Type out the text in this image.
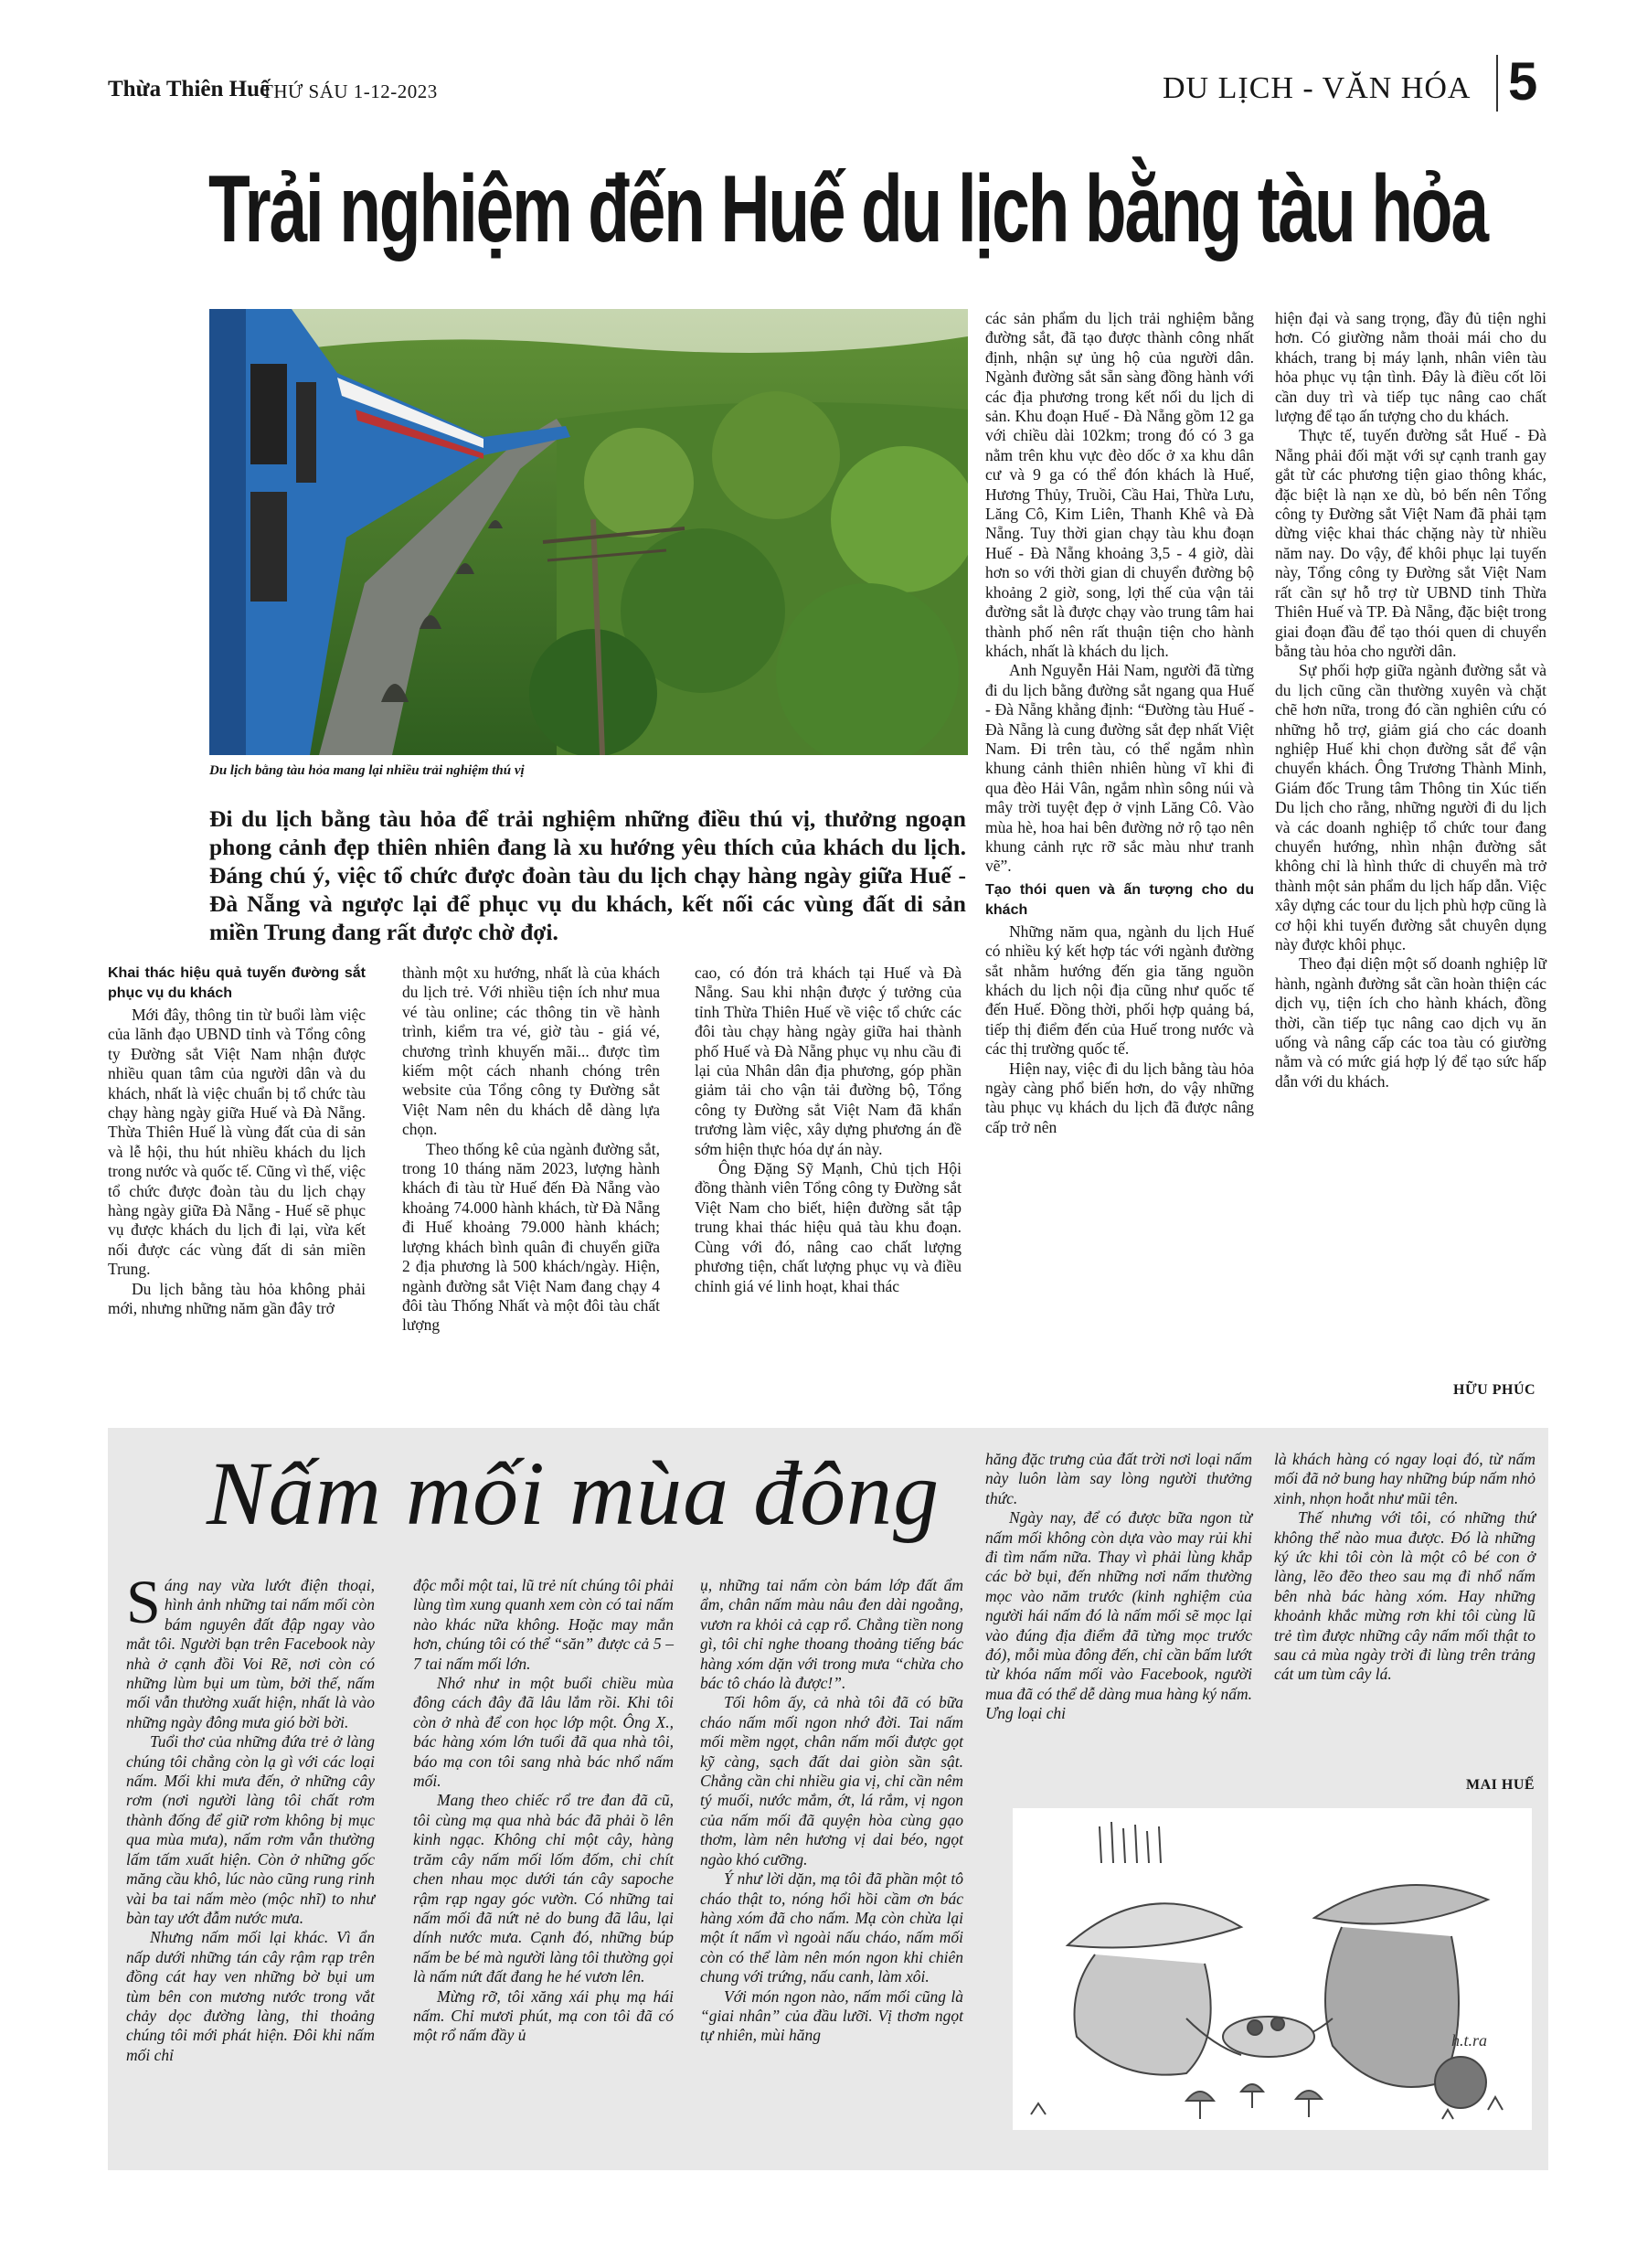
Thừa Thiên Huế
THỨ SÁU 1-12-2023	DU LỊCH - VĂN HÓA 5
Trải nghiệm đến Huế du lịch bằng tàu hỏa
Du lịch bằng tàu hỏa mang lại nhiều trải nghiệm thú vị
Đi du lịch bằng tàu hỏa để trải nghiệm những điều thú vị, thưởng ngoạn phong cảnh đẹp thiên nhiên đang là xu hướng yêu thích của khách du lịch. Đáng chú ý, việc tổ chức được đoàn tàu du lịch chạy hàng ngày giữa Huế - Đà Nẵng và ngược lại để phục vụ du khách, kết nối các vùng đất di sản miền Trung đang rất được chờ đợi.
Khai thác hiệu quả tuyến đường sắt phục vụ du khách

Mới đây, thông tin từ buổi làm việc của lãnh đạo UBND tỉnh và Tổng công ty Đường sắt Việt Nam nhận được nhiều quan tâm của người dân và du khách, nhất là việc chuẩn bị tổ chức tàu chạy hàng ngày giữa Huế và Đà Nẵng. Thừa Thiên Huế là vùng đất của di sản và lễ hội, thu hút nhiều khách du lịch trong nước và quốc tế. Cũng vì thế, việc tổ chức được đoàn tàu du lịch chạy hàng ngày giữa Đà Nẵng - Huế sẽ phục vụ được khách du lịch đi lại, vừa kết nối được các vùng đất di sản miền Trung.

Du lịch bằng tàu hỏa không phải mới, nhưng những năm gần đây trở

thành một xu hướng, nhất là của khách du lịch trẻ. Với nhiều tiện ích như mua vé tàu online; các thông tin về hành trình, kiểm tra vé, giờ tàu - giá vé, chương trình khuyến mãi... được tìm kiếm một cách nhanh chóng trên website của Tổng công ty Đường sắt Việt Nam nên du khách dễ dàng lựa chọn.

Theo thống kê của ngành đường sắt, trong 10 tháng năm 2023, lượng hành khách đi tàu từ Huế đến Đà Nẵng vào khoảng 74.000 hành khách, từ Đà Nẵng đi Huế khoảng 79.000 hành khách; lượng khách bình quân đi chuyển giữa 2 địa phương là 500 khách/ngày. Hiện, ngành đường sắt Việt Nam đang chạy 4 đôi tàu Thống Nhất và một đôi tàu chất lượng

cao, có đón trả khách tại Huế và Đà Nẵng. Sau khi nhận được ý tưởng của tỉnh Thừa Thiên Huế về việc tổ chức các đôi tàu chạy hàng ngày giữa hai thành phố Huế và Đà Nẵng phục vụ nhu cầu đi lại của Nhân dân địa phương, góp phần giảm tải cho vận tải đường bộ, Tổng công ty Đường sắt Việt Nam đã khẩn trương làm việc, xây dựng phương án đề sớm hiện thực hóa dự án này.

Ông Đặng Sỹ Mạnh, Chủ tịch Hội đồng thành viên Tổng công ty Đường sắt Việt Nam cho biết, hiện đường sắt tập trung khai thác hiệu quả tàu khu đoạn. Cùng với đó, nâng cao chất lượng phương tiện, chất lượng phục vụ và điều chỉnh giá vé linh hoạt, khai thác

các sản phẩm du lịch trải nghiệm bằng đường sắt, đã tạo được thành công nhất định, nhận sự ủng hộ của người dân. Ngành đường sắt sẵn sàng đồng hành với các địa phương trong kết nối du lịch di sản. Khu đoạn Huế - Đà Nẵng gồm 12 ga với chiều dài 102km; trong đó có 3 ga nằm trên khu vực đèo dốc ở xa khu dân cư và 9 ga có thể đón khách là Huế, Hương Thủy, Truồi, Cầu Hai, Thừa Lưu, Lăng Cô, Kim Liên, Thanh Khê và Đà Nẵng. Tuy thời gian chạy tàu khu đoạn Huế - Đà Nẵng khoảng 3,5 - 4 giờ, dài hơn so với thời gian di chuyển đường bộ khoảng 2 giờ, song, lợi thế của vận tải đường sắt là được chạy vào trung tâm hai thành phố nên rất thuận tiện cho hành khách, nhất là khách du lịch.

Anh Nguyễn Hải Nam, người đã từng đi du lịch bằng đường sắt ngang qua Huế - Đà Nẵng khẳng định: “Đường tàu Huế - Đà Nẵng là cung đường sắt đẹp nhất Việt Nam. Đi trên tàu, có thể ngắm nhìn khung cảnh thiên nhiên hùng vĩ khi đi qua đèo Hải Vân, ngắm nhìn sông núi và mây trời tuyệt đẹp ở vịnh Lăng Cô. Vào mùa hè, hoa hai bên đường nở rộ tạo nên khung cảnh rực rỡ sắc màu như tranh vẽ”.

Tạo thói quen và ấn tượng cho du khách

Những năm qua, ngành du lịch Huế có nhiều ký kết hợp tác với ngành đường sắt nhằm hướng đến gia tăng nguồn khách du lịch nội địa cũng như quốc tế đến Huế. Đồng thời, phối hợp quảng bá, tiếp thị điểm đến của Huế trong nước và các thị trường quốc tế.

Hiện nay, việc đi du lịch bằng tàu hỏa ngày càng phổ biến hơn, do vậy những tàu phục vụ khách du lịch đã được nâng cấp trở nên

hiện đại và sang trọng, đầy đủ tiện nghi hơn. Có giường nằm thoải mái cho du khách, trang bị máy lạnh, nhân viên tàu hỏa phục vụ tận tình. Đây là điều cốt lõi cần duy trì và tiếp tục nâng cao chất lượng để tạo ấn tượng cho du khách.

Thực tế, tuyến đường sắt Huế - Đà Nẵng phải đối mặt với sự cạnh tranh gay gắt từ các phương tiện giao thông khác, đặc biệt là nạn xe dù, bỏ bến nên Tổng công ty Đường sắt Việt Nam đã phải tạm dừng việc khai thác chặng này từ nhiều năm nay. Do vậy, để khôi phục lại tuyến này, Tổng công ty Đường sắt Việt Nam rất cần sự hỗ trợ từ UBND tỉnh Thừa Thiên Huế và TP. Đà Nẵng, đặc biệt trong giai đoạn đầu để tạo thói quen di chuyển bằng tàu hỏa cho người dân.

Sự phối hợp giữa ngành đường sắt và du lịch cũng cần thường xuyên và chặt chẽ hơn nữa, trong đó cần nghiên cứu có những hỗ trợ, giảm giá cho các doanh nghiệp Huế khi chọn đường sắt để vận chuyển khách. Ông Trương Thành Minh, Giám đốc Trung tâm Thông tin Xúc tiến Du lịch cho rằng, những người đi du lịch và các doanh nghiệp tổ chức tour đang chuyển hướng, nhìn nhận đường sắt không chỉ là hình thức di chuyển mà trở thành một sản phẩm du lịch hấp dẫn. Việc xây dựng các tour du lịch phù hợp cũng là cơ hội khi tuyến đường sắt chuyên dụng này được khôi phục.

Theo đại diện một số doanh nghiệp lữ hành, ngành đường sắt cần hoàn thiện các dịch vụ, tiện ích cho hành khách, đồng thời, cần tiếp tục nâng cao dịch vụ ăn uống và nâng cấp các toa tàu có giường nằm và có mức giá hợp lý để tạo sức hấp dẫn với du khách.

HỮU PHÚC
Nấm mối mùa đông

Sáng nay vừa lướt điện thoại, hình ảnh những tai nấm mối còn bám nguyên đất đập ngay vào mắt tôi. Người bạn trên Facebook này nhà ở cạnh đồi Voi Rẽ, nơi còn có những lùm bụi um tùm, bởi thế, nấm mối vẫn thường xuất hiện, nhất là vào những ngày đông mưa gió bời bời.

Tuổi thơ của những đứa trẻ ở làng chúng tôi chẳng còn lạ gì với các loại nấm. Mối khi mưa đến, ở những cây rơm (nơi người làng tôi chất rơm thành đống để giữ rơm không bị mục qua mùa mưa), nấm rơm vẫn thường lấm tấm xuất hiện. Còn ở những gốc măng cầu khô, lúc nào cũng rung rinh vài ba tai nấm mèo (mộc nhĩ) to như bàn tay ướt đẫm nước mưa.

Nhưng nấm mối lại khác. Vì ẩn nấp dưới những tán cây rậm rạp trên đồng cát hay ven những bờ bụi um tùm bên con mương nước trong vắt chảy dọc đường làng, thi thoảng chúng tôi mới phát hiện. Đôi khi nấm mối chỉ

độc mỗi một tai, lũ trẻ nít chúng tôi phải lùng tìm xung quanh xem còn có tai nấm nào khác nữa không. Hoặc may mắn hơn, chúng tôi có thể “săn” được cả 5 – 7 tai nấm mối lớn.

Nhớ như in một buổi chiều mùa đông cách đây đã lâu lắm rồi. Khi tôi còn ở nhà để con học lớp một. Ông X., bác hàng xóm lớn tuổi đã qua nhà tôi, báo mạ con tôi sang nhà bác nhổ nấm mối.

Mang theo chiếc rổ tre đan đã cũ, tôi cùng mạ qua nhà bác đã phải ồ lên kinh ngạc. Không chỉ một cây, hàng trăm cây nấm mối lốm đốm, chi chít chen nhau mọc dưới tán cây sapoche rậm rạp ngay góc vườn. Có những tai nấm mối đã nứt nẻ do bung đã lâu, lại dính nước mưa. Cạnh đó, những búp nấm be bé mà người làng tôi thường gọi là nấm nứt đất đang he hé vươn lên.

Mừng rỡ, tôi xăng xái phụ mạ hái nấm. Chỉ mươi phút, mạ con tôi đã có một rổ nấm đầy ủ

ụ, những tai nấm còn bám lớp đất ẩm ẩm, chân nấm màu nâu đen dài ngoằng, vươn ra khỏi cả cạp rổ. Chẳng tiền nong gì, tôi chỉ nghe thoang thoảng tiếng bác hàng xóm dặn với trong mưa “chừa cho bác tô cháo là được!”.

Tối hôm ấy, cả nhà tôi đã có bữa cháo nấm mối ngon nhớ đời. Tai nấm mối mềm ngọt, chân nấm mối được gọt kỹ càng, sạch đất dai giòn sần sật. Chẳng cần chi nhiều gia vị, chỉ cần nêm tý muối, nước mắm, ớt, lá rắm, vị ngon của nấm mối đã quyện hòa cùng gạo thơm, làm nên hương vị dai béo, ngọt ngào khó cưỡng.

Ý như lời dặn, mạ tôi đã phần một tô cháo thật to, nóng hổi hồi cầm ơn bác hàng xóm đã cho nấm. Mạ còn chừa lại một ít nấm vì ngoài nấu cháo, nấm mối còn có thể làm nên món ngon khi chiên chung với trứng, nấu canh, làm xôi.

Với món ngon nào, nấm mối cũng là “giai nhân” của đầu lưỡi. Vị thơm ngọt tự nhiên, mùi hăng

hăng đặc trưng của đất trời nơi loại nấm này luôn làm say lòng người thưởng thức.

Ngày nay, để có được bữa ngon từ nấm mối không còn dựa vào may rủi khi đi tìm nấm nữa. Thay vì phải lùng khắp các bờ bụi, đến những nơi nấm thường mọc vào năm trước (kinh nghiệm của người hái nấm đó là nấm mối sẽ mọc lại vào đúng địa điểm đã từng mọc trước đó), mỗi mùa đông đến, chỉ cần bấm lướt từ khóa nấm mối vào Facebook, người mua đã có thể dễ dàng mua hàng ký nấm. Ưng loại chi

là khách hàng có ngay loại đó, từ nấm mối đã nở bung hay những búp nấm nhỏ xinh, nhọn hoắt như mũi tên.

Thế nhưng với tôi, có những thứ không thể nào mua được. Đó là những ký ức khi tôi còn là một cô bé con ở làng, lẽo đẽo theo sau mạ đi nhổ nấm bên nhà bác hàng xóm. Hay những khoảnh khắc mừng rơn khi tôi cùng lũ trẻ tìm được những cây nấm mối thật to sau cả mùa ngày trời đi lùng trên trảng cát um tùm cây lá.

MAI HUẾ
h.t.ra
